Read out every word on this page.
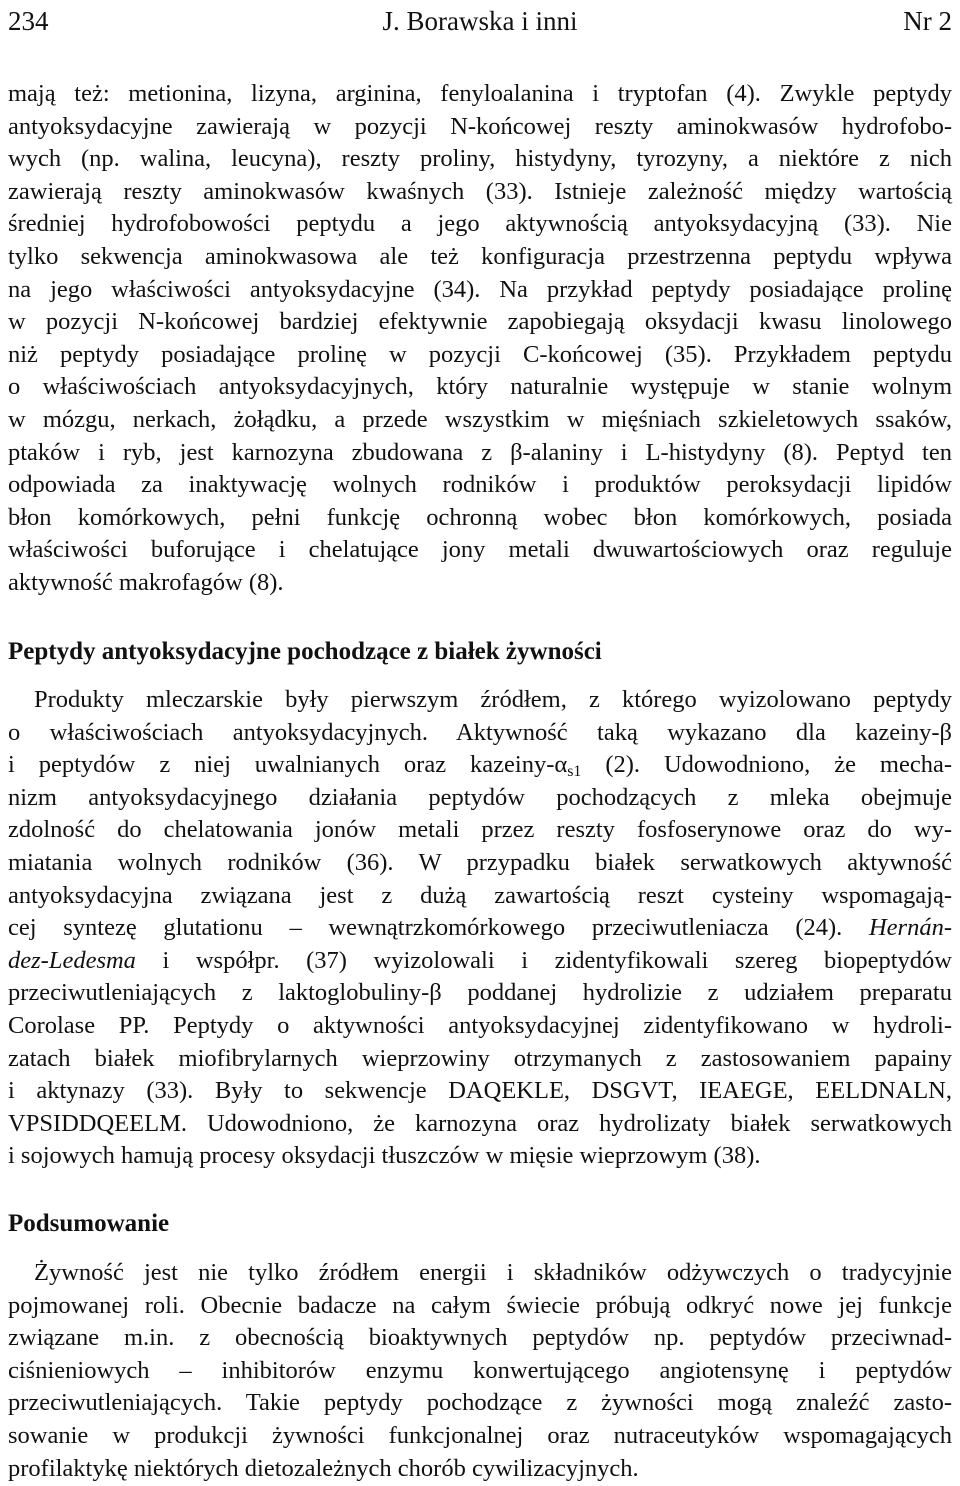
234	J. Borawska i inni	Nr 2
mają też: metionina, lizyna, arginina, fenyloalanina i tryptofan (4). Zwykle peptydy
antyoksydacyjne zawierają w pozycji N-końcowej reszty aminokwasów hydrofobo-
wych (np. walina, leucyna), reszty proliny, histydyny, tyrozyny, a niektóre z nich
zawierają reszty aminokwasów kwaśnych (33). Istnieje zależność między wartością
średniej hydrofobowości peptydu a jego aktywnością antyoksydacyjną (33). Nie
tylko sekwencja aminokwasowa ale też konfiguracja przestrzenna peptydu wpływa
na jego właściwości antyoksydacyjne (34). Na przykład peptydy posiadające prolinę
w pozycji N-końcowej bardziej efektywnie zapobiegają oksydacji kwasu linolowego
niż peptydy posiadające prolinę w pozycji C-końcowej (35). Przykładem peptydu
o właściwościach antyoksydacyjnych, który naturalnie występuje w stanie wolnym
w mózgu, nerkach, żołądku, a przede wszystkim w mięśniach szkieletowych ssaków,
ptaków i ryb, jest karnozyna zbudowana z β-alaniny i L-histydyny (8). Peptyd ten
odpowiada za inaktywację wolnych rodników i produktów peroksydacji lipidów
błon komórkowych, pełni funkcję ochronną wobec błon komórkowych, posiada
właściwości buforujące i chelatujące jony metali dwuwartościowych oraz reguluje
aktywność makrofagów (8).
Peptydy antyoksydacyjne pochodzące z białek żywności
Produkty mleczarskie były pierwszym źródłem, z którego wyizolowano peptydy
o właściwościach antyoksydacyjnych. Aktywność taką wykazano dla kazeiny-β
i peptydów z niej uwalnianych oraz kazeiny-$\alpha_{s1}$ (2). Udowodniono, że mecha-
nizm antyoksydacyjnego działania peptydów pochodzących z mleka obejmuje
zdolność do chelatowania jonów metali przez reszty fosfoserynowe oraz do wy-
miatania wolnych rodników (36). W przypadku białek serwatkowych aktywność
antyoksydacyjna związana jest z dużą zawartością reszt cysteiny wspomagają-
cej syntezę glutationu – wewnątrzkomórkowego przeciwutleniacza (24). Hernán-
dez-Ledesma i współpr. (37) wyizolowali i zidentyfikowali szereg biopeptydów
przeciwutleniających z laktoglobuliny-β poddanej hydrolizie z udziałem preparatu
Corolase PP. Peptydy o aktywności antyoksydacyjnej zidentyfikowano w hydroli-
zatach białek miofibrylarnych wieprzowiny otrzymanych z zastosowaniem papainy
i aktynazy (33). Były to sekwencje DAQEKLE, DSGVT, IEAEGE, EELDNALN,
VPSIDDQEELM. Udowodniono, że karnozyna oraz hydrolizaty białek serwatkowych
i sojowych hamują procesy oksydacji tłuszczów w mięsie wieprzowym (38).
Podsumowanie
Żywność jest nie tylko źródłem energii i składników odżywczych o tradycyjnie
pojmowanej roli. Obecnie badacze na całym świecie próbują odkryć nowe jej funkcje
związane m.in. z obecnością bioaktywnych peptydów np. peptydów przeciwnad-
ciśnieniowych – inhibitorów enzymu konwertującego angiotensynę i peptydów
przeciwutleniających. Takie peptydy pochodzące z żywności mogą znaleźć zasto-
sowanie w produkcji żywności funkcjonalnej oraz nutraceutyków wspomagających
profilaktykę niektórych dietozależnych chorób cywilizacyjnych.
